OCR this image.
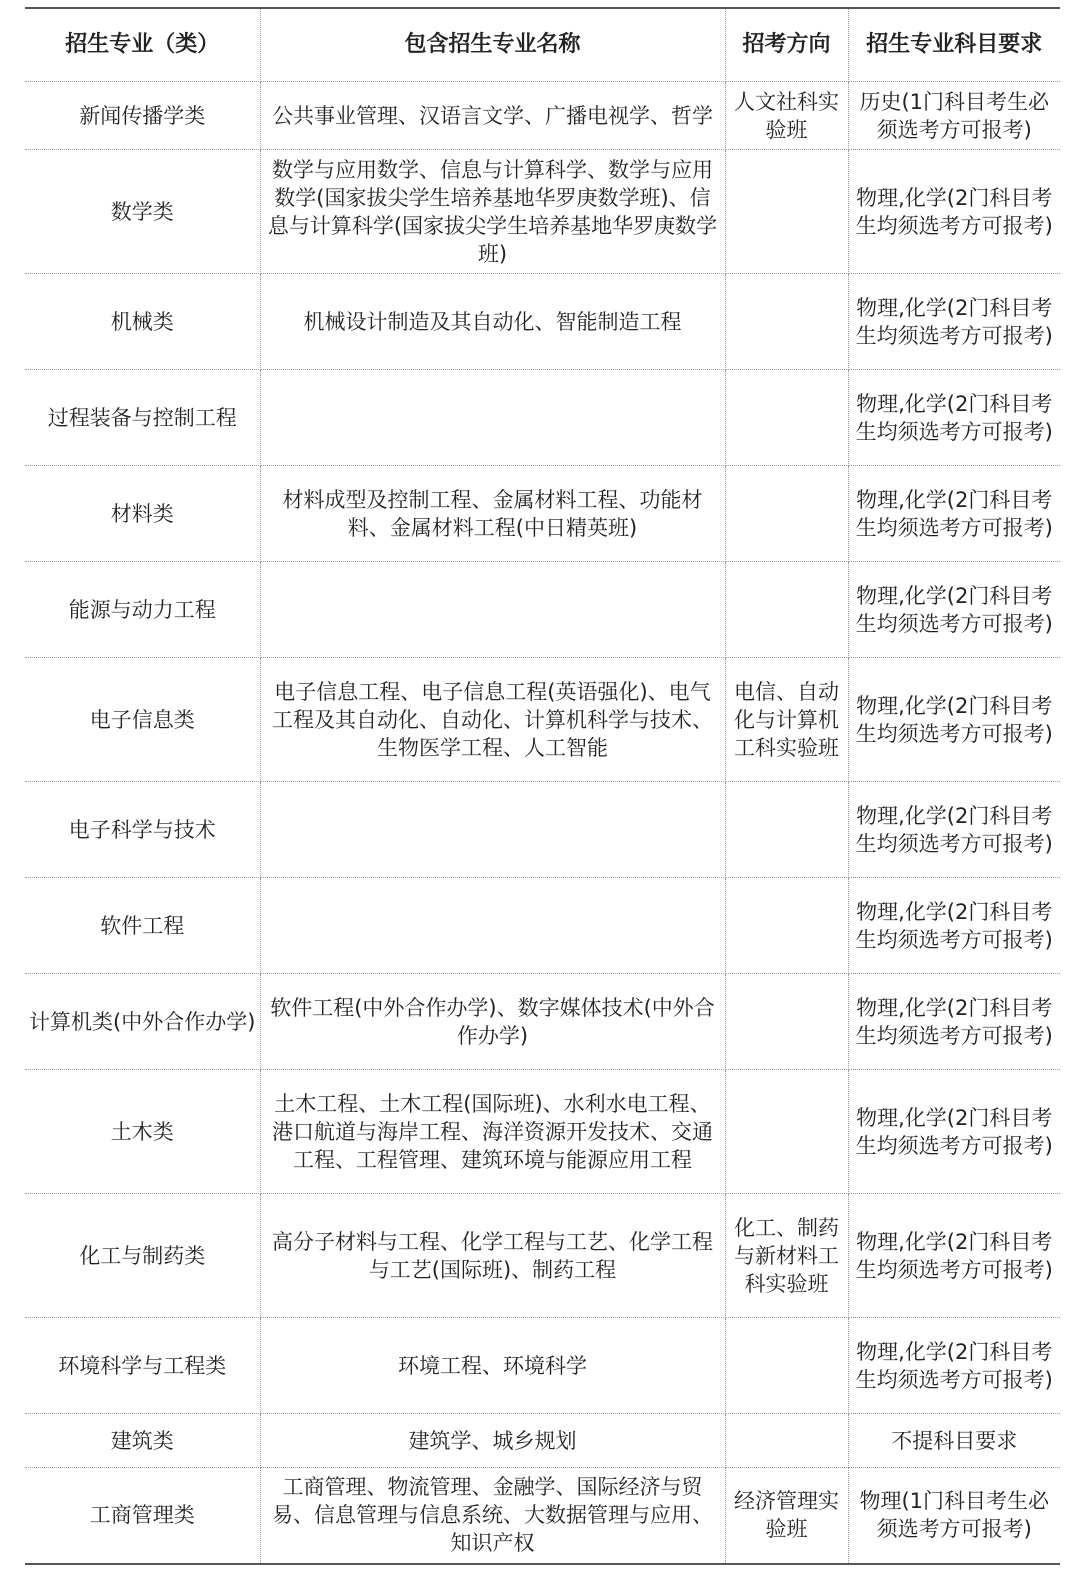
招生专业（类）	包含招生专业名称	招考方向	招生专业科目要求
新闻传播学类	公共事业管理、汉语言文学、广播电视学、哲学	人文社科实验班	历史(1门科目考生必须选考方可报考)
数学类	数学与应用数学、信息与计算科学、数学与应用数学(国家拔尖学生培养基地华罗庚数学班)、信息与计算科学(国家拔尖学生培养基地华罗庚数学班)		物理,化学(2门科目考生均须选考方可报考)
机械类	机械设计制造及其自动化、智能制造工程		物理,化学(2门科目考生均须选考方可报考)
过程装备与控制工程			物理,化学(2门科目考生均须选考方可报考)
材料类	材料成型及控制工程、金属材料工程、功能材料、金属材料工程(中日精英班)		物理,化学(2门科目考生均须选考方可报考)
能源与动力工程			物理,化学(2门科目考生均须选考方可报考)
电子信息类	电子信息工程、电子信息工程(英语强化)、电气工程及其自动化、自动化、计算机科学与技术、生物医学工程、人工智能	电信、自动化与计算机工科实验班	物理,化学(2门科目考生均须选考方可报考)
电子科学与技术			物理,化学(2门科目考生均须选考方可报考)
软件工程			物理,化学(2门科目考生均须选考方可报考)
计算机类(中外合作办学)	软件工程(中外合作办学)、数字媒体技术(中外合作办学)		物理,化学(2门科目考生均须选考方可报考)
土木类	土木工程、土木工程(国际班)、水利水电工程、港口航道与海岸工程、海洋资源开发技术、交通工程、工程管理、建筑环境与能源应用工程		物理,化学(2门科目考生均须选考方可报考)
化工与制药类	高分子材料与工程、化学工程与工艺、化学工程与工艺(国际班)、制药工程	化工、制药与新材料工科实验班	物理,化学(2门科目考生均须选考方可报考)
环境科学与工程类	环境工程、环境科学		物理,化学(2门科目考生均须选考方可报考)
建筑类	建筑学、城乡规划		不提科目要求
工商管理类	工商管理、物流管理、金融学、国际经济与贸易、信息管理与信息系统、大数据管理与应用、知识产权	经济管理实验班	物理(1门科目考生必须选考方可报考)
